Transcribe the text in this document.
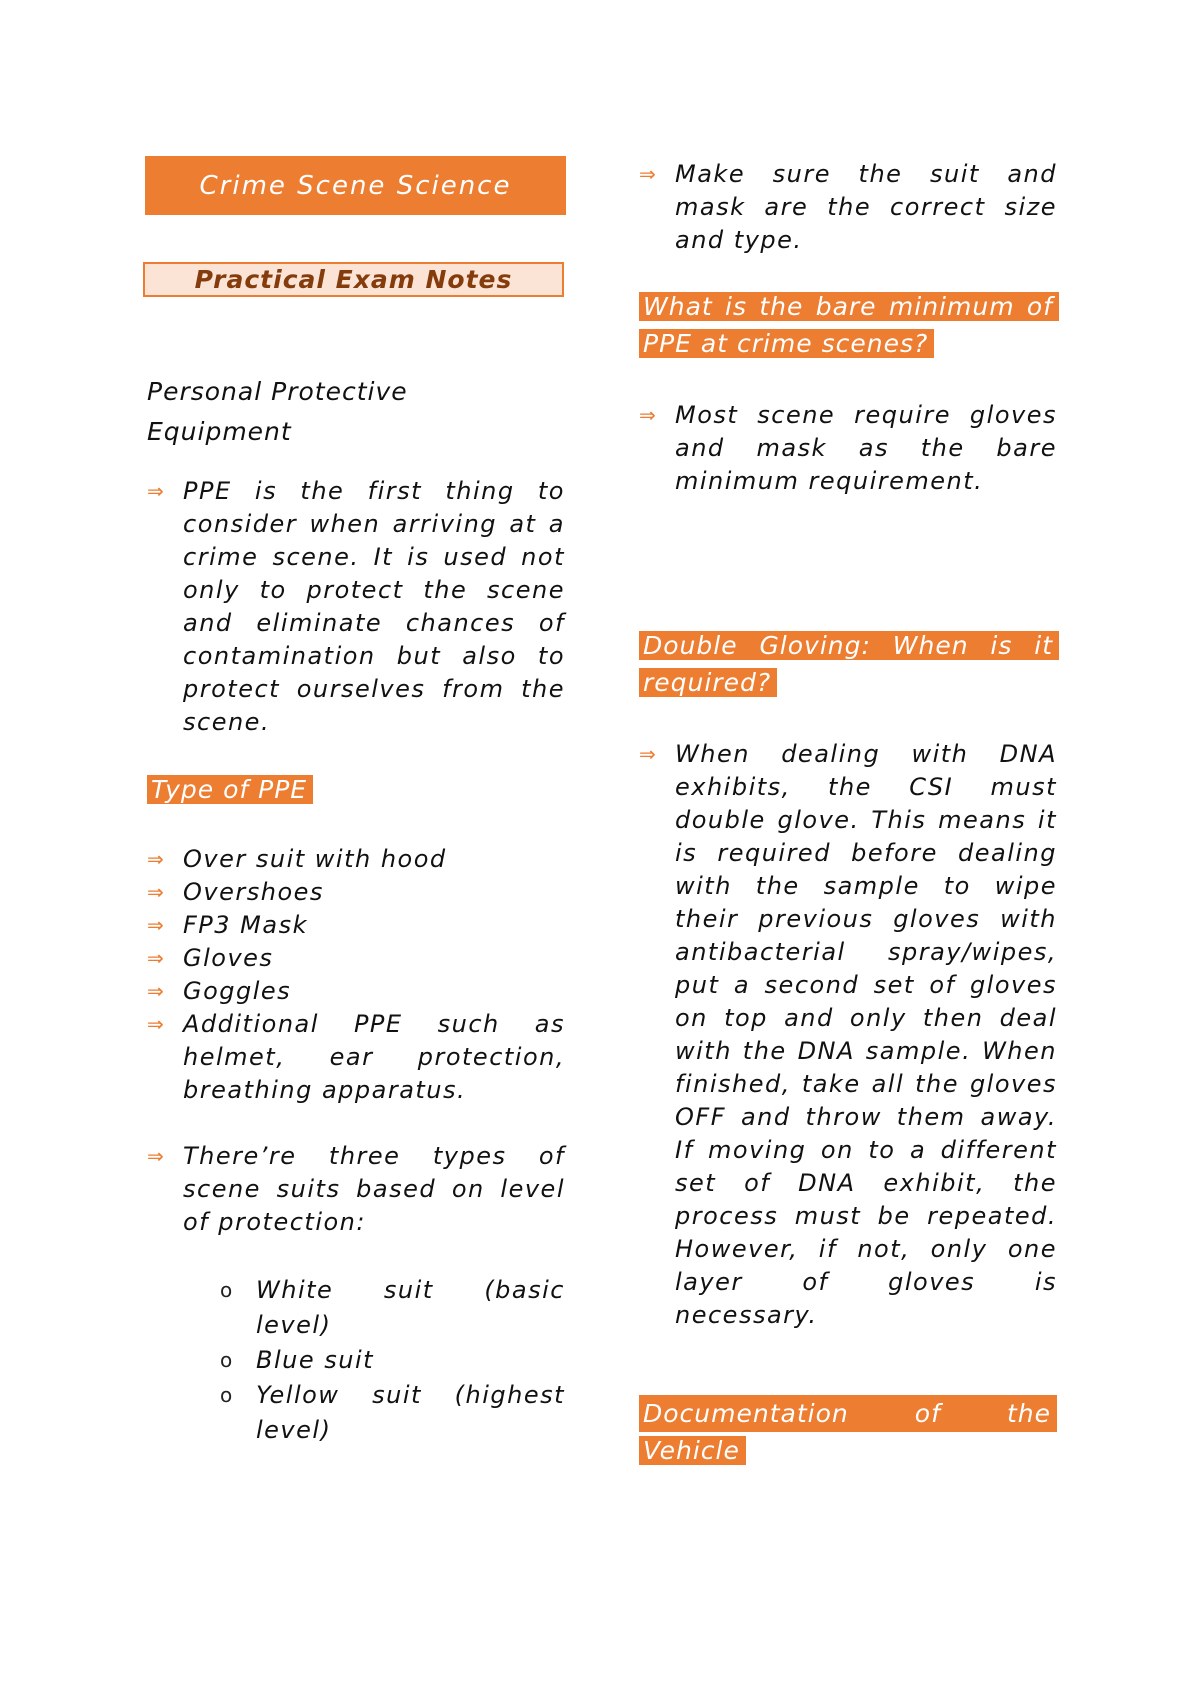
Crime Scene Science
Practical Exam Notes
Personal Protective
Equipment
⇒ PPE is the first thing to consider when arriving at a crime scene. It is used not only to protect the scene and eliminate chances of contamination but also to protect ourselves from the scene.
Type of PPE
⇒ Over suit with hood
⇒ Overshoes
⇒ FP3 Mask
⇒ Gloves
⇒ Goggles
⇒ Additional PPE such as helmet, ear protection, breathing apparatus.
⇒ There’re three types of scene suits based on level of protection:
o White suit (basic level)
o Blue suit
o Yellow suit (highest level)
⇒ Make sure the suit and mask are the correct size and type.
What is the bare minimum of PPE at crime scenes?
⇒ Most scene require gloves and mask as the bare minimum requirement.
Double Gloving: When is it required?
⇒ When dealing with DNA exhibits, the CSI must double glove. This means it is required before dealing with the sample to wipe their previous gloves with antibacterial spray/wipes, put a second set of gloves on top and only then deal with the DNA sample. When finished, take all the gloves OFF and throw them away. If moving on to a different set of DNA exhibit, the process must be repeated. However, if not, only one layer of gloves is necessary.
Documentation of the
Vehicle
